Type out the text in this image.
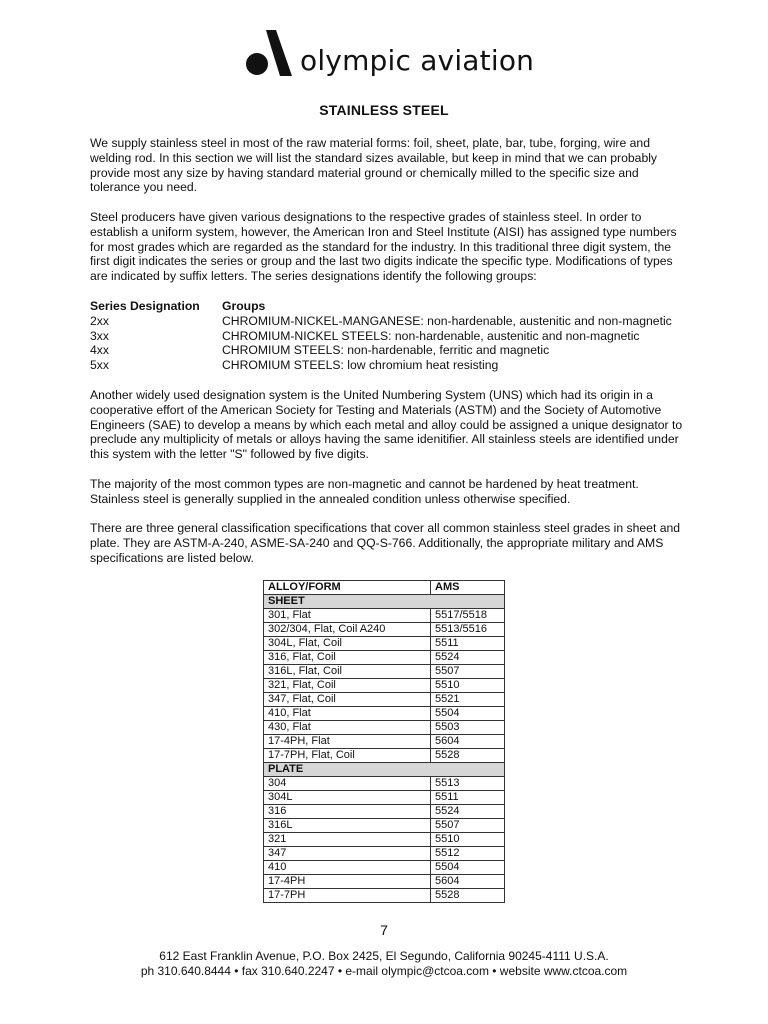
olympic aviation
STAINLESS STEEL

We supply stainless steel in most of the raw material forms: foil, sheet, plate, bar, tube, forging, wire and welding rod. In this section we will list the standard sizes available, but keep in mind that we can probably provide most any size by having standard material ground or chemically milled to the specific size and tolerance you need.

Steel producers have given various designations to the respective grades of stainless steel. In order to establish a uniform system, however, the American Iron and Steel Institute (AISI) has assigned type numbers for most grades which are regarded as the standard for the industry. In this traditional three digit system, the first digit indicates the series or group and the last two digits indicate the specific type. Modifications of types are indicated by suffix letters. The series designations identify the following groups:

Series Designation	Groups
2xx	CHROMIUM-NICKEL-MANGANESE: non-hardenable, austenitic and non-magnetic
3xx	CHROMIUM-NICKEL STEELS: non-hardenable, austenitic and non-magnetic
4xx	CHROMIUM STEELS: non-hardenable, ferritic and magnetic
5xx	CHROMIUM STEELS: low chromium heat resisting

Another widely used designation system is the United Numbering System (UNS) which had its origin in a cooperative effort of the American Society for Testing and Materials (ASTM) and the Society of Automotive Engineers (SAE) to develop a means by which each metal and alloy could be assigned a unique designator to preclude any multiplicity of metals or alloys having the same idenitifier. All stainless steels are identified under this system with the letter "S" followed by five digits.

The majority of the most common types are non-magnetic and cannot be hardened by heat treatment. Stainless steel is generally supplied in the annealed condition unless otherwise specified.

There are three general classification specifications that cover all common stainless steel grades in sheet and plate. They are ASTM-A-240, ASME-SA-240 and QQ-S-766. Additionally, the appropriate military and AMS specifications are listed below.

ALLOY/FORM	AMS
SHEET	
301, Flat	5517/5518
302/304, Flat, Coil A240	5513/5516
304L, Flat, Coil	5511
316, Flat, Coil	5524
316L, Flat, Coil	5507
321, Flat, Coil	5510
347, Flat, Coil	5521
410, Flat	5504
430, Flat	5503
17-4PH, Flat	5604
17-7PH, Flat, Coil	5528
PLATE	
304	5513
304L	5511
316	5524
316L	5507
321	5510
347	5512
410	5504
17-4PH	5604
17-7PH	5528
7
612 East Franklin Avenue, P.O. Box 2425, El Segundo, California 90245-4111 U.S.A.
ph 310.640.8444 • fax 310.640.2247 • e-mail olympic@ctcoa.com • website www.ctcoa.com
